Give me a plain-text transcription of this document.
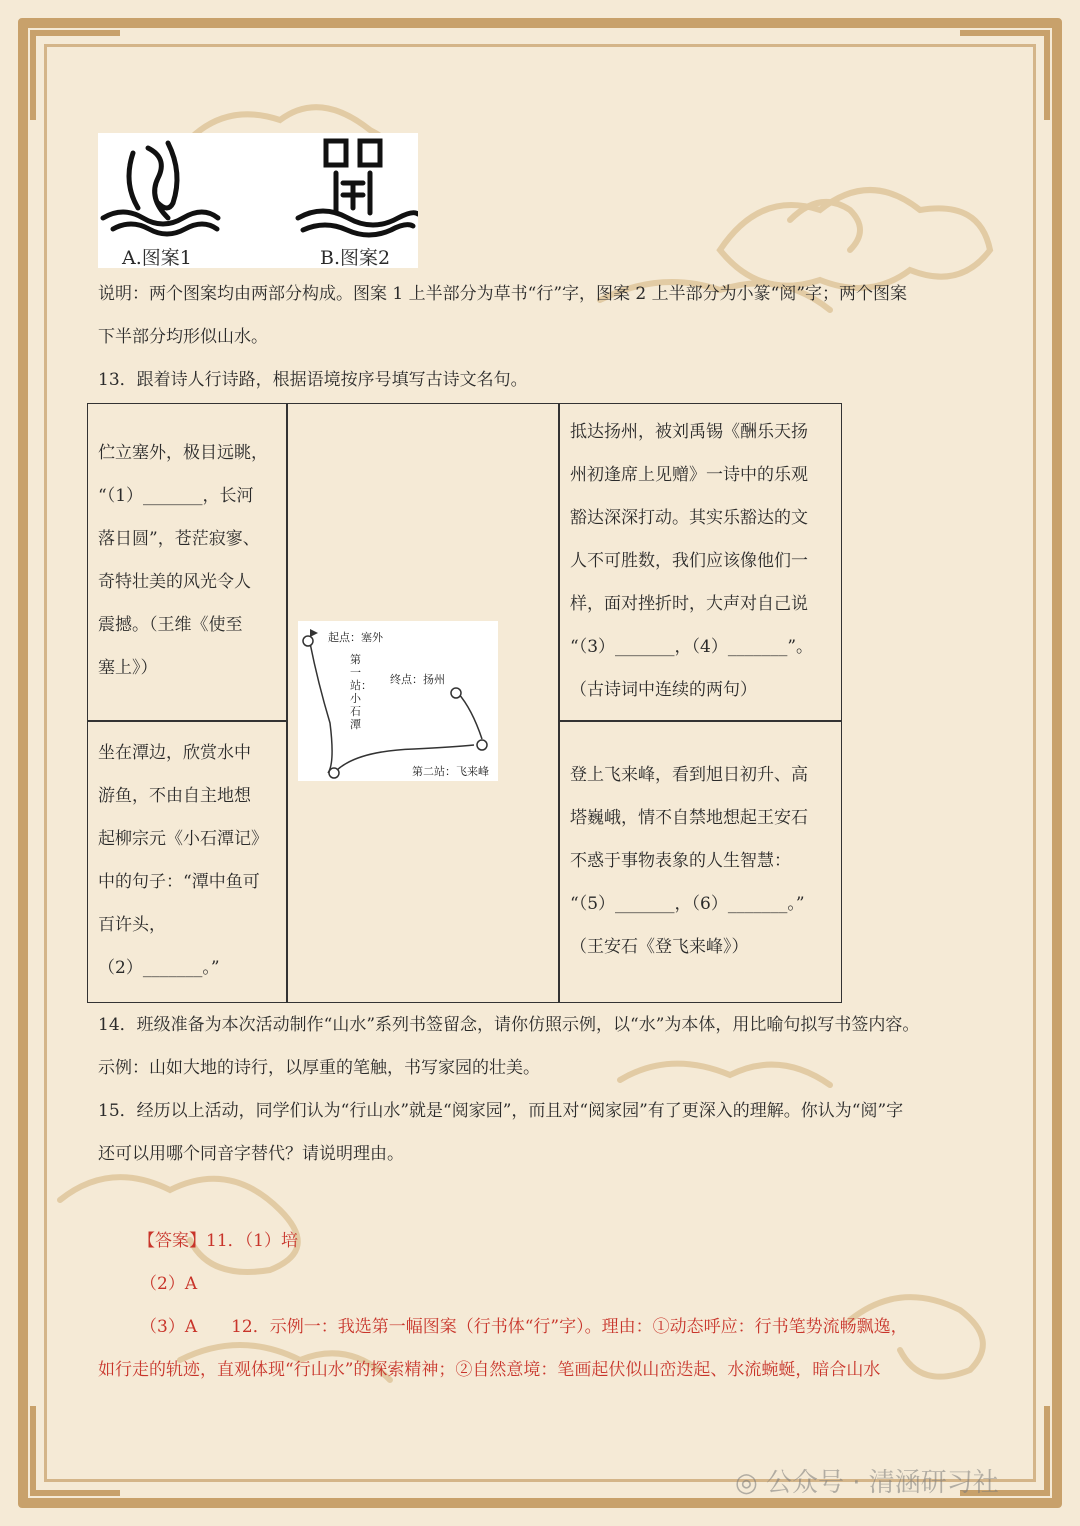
A.图案1	B.图案2
说明：两个图案均由两部分构成。图案 1 上半部分为草书“行”字，图案 2 上半部分为小篆“阅”字；两个图案
下半部分均形似山水。
13．跟着诗人行诗路，根据语境按序号填写古诗文名句。
伫立塞外，极目远眺，
“（1）_______，长河
落日圆”，苍茫寂寥、
奇特壮美的风光令人
震撼。（王维《使至
塞上》）
坐在潭边，欣赏水中
游鱼，不由自主地想
起柳宗元《小石潭记》
中的句子：“潭中鱼可
百许头，
（2）_______。”
抵达扬州，被刘禹锡《酬乐天扬
州初逢席上见赠》一诗中的乐观
豁达深深打动。其实乐豁达的文
人不可胜数，我们应该像他们一
样，面对挫折时，大声对自己说
“（3）_______，（4）_______”。
（古诗词中连续的两句）
登上飞来峰，看到旭日初升、高
塔巍峨，情不自禁地想起王安石
不惑于事物表象的人生智慧：
“（5）_______，（6）_______。”
（王安石《登飞来峰》）
起点：塞外
终点：扬州
第一站：小石潭
第二站：飞来峰
14．班级准备为本次活动制作“山水”系列书签留念，请你仿照示例，以“水”为本体，用比喻句拟写书签内容。
示例：山如大地的诗行，以厚重的笔触，书写家园的壮美。
15．经历以上活动，同学们认为“行山水”就是“阅家园”，而且对“阅家园”有了更深入的理解。你认为“阅”字
还可以用哪个同音字替代？请说明理由。
【答案】11．（1）培
（2）A
（3）A　　12．示例一：我选第一幅图案（行书体“行”字）。理由：①动态呼应：行书笔势流畅飘逸，
如行走的轨迹，直观体现“行山水”的探索精神；②自然意境：笔画起伏似山峦迭起、水流蜿蜒，暗合山水
◎ 公众号 · 清涵研习社
